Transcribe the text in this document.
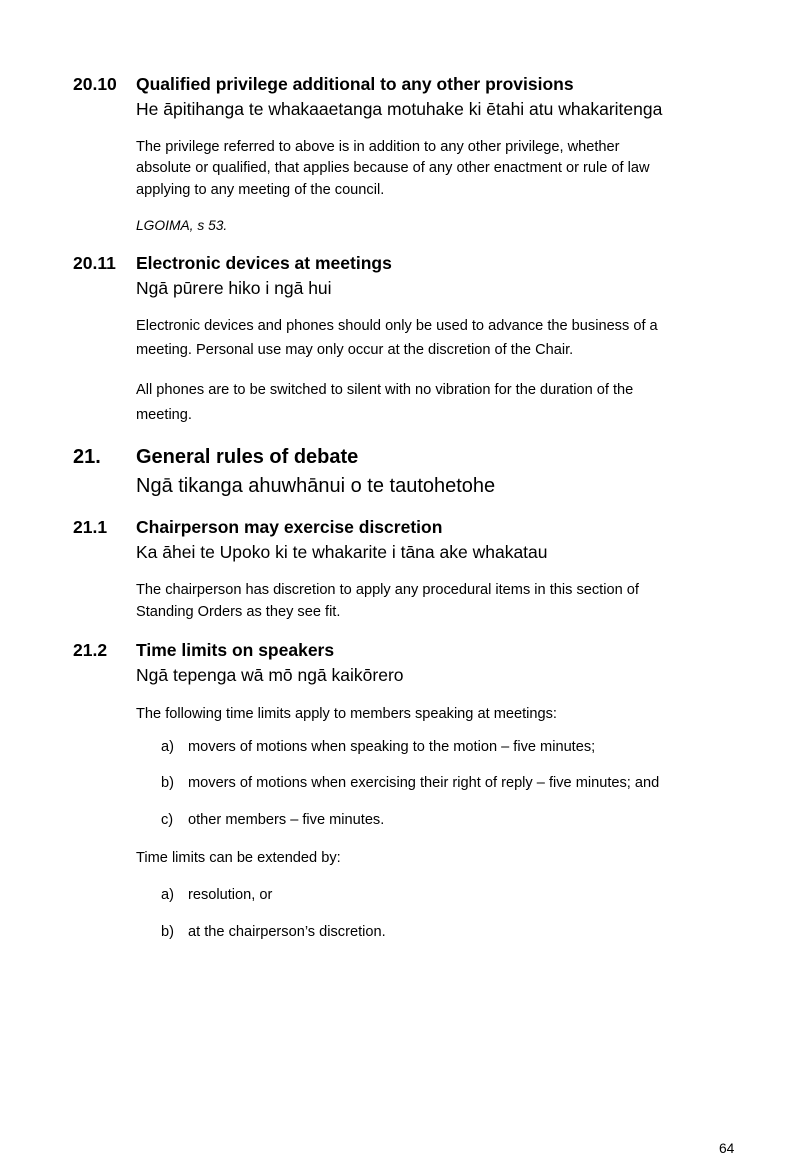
20.10 Qualified privilege additional to any other provisions
He āpitihanga te whakaaetanga motuhake ki ētahi atu whakaritenga
The privilege referred to above is in addition to any other privilege, whether
absolute or qualified, that applies because of any other enactment or rule of law
applying to any meeting of the council.
LGOIMA, s 53.
20.11 Electronic devices at meetings
Ngā pūrere hiko i ngā hui
Electronic devices and phones should only be used to advance the business of a
meeting. Personal use may only occur at the discretion of the Chair.
All phones are to be switched to silent with no vibration for the duration of the
meeting.
21. General rules of debate
Ngā tikanga ahuwhānui o te tautohetohe
21.1 Chairperson may exercise discretion
Ka āhei te Upoko ki te whakarite i tāna ake whakatau
The chairperson has discretion to apply any procedural items in this section of
Standing Orders as they see fit.
21.2 Time limits on speakers
Ngā tepenga wā mō ngā kaikōrero
The following time limits apply to members speaking at meetings:
a) movers of motions when speaking to the motion – five minutes;
b) movers of motions when exercising their right of reply – five minutes; and
c) other members – five minutes.
Time limits can be extended by:
a) resolution, or
b) at the chairperson’s discretion.
64
